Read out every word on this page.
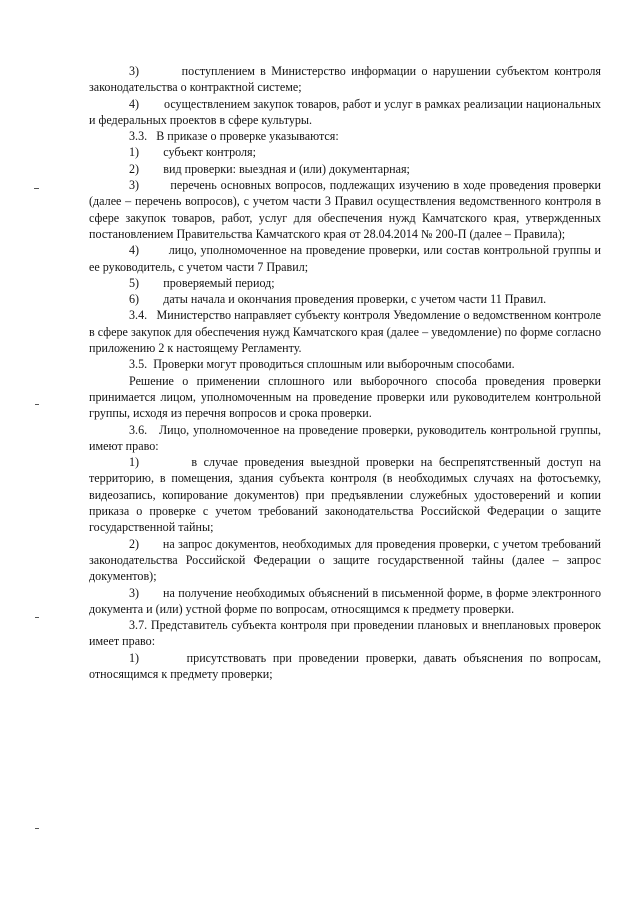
3)        поступлением в Министерство информации о нарушении субъектом контроля законодательства о контрактной системе;

4)        осуществлением закупок товаров, работ и услуг в рамках реализации национальных и федеральных проектов в сфере культуры.

3.3.   В приказе о проверке указываются:

1)        субъект контроля;

2)        вид проверки: выездная и (или) документарная;

3)        перечень основных вопросов, подлежащих изучению в ходе проведения проверки (далее – перечень вопросов), с учетом части 3 Правил осуществления ведомственного контроля в сфере закупок товаров, работ, услуг для обеспечения нужд Камчатского края, утвержденных постановлением Правительства Камчатского края от 28.04.2014 № 200-П (далее – Правила);

4)        лицо, уполномоченное на проведение проверки, или состав контрольной группы и ее руководитель, с учетом части 7 Правил;

5)        проверяемый период;

6)        даты начала и окончания проведения проверки, с учетом части 11 Правил.

3.4.   Министерство направляет субъекту контроля Уведомление о ведомственном контроле в сфере закупок для обеспечения нужд Камчатского края (далее – уведомление) по форме согласно приложению 2 к настоящему Регламенту.

3.5.  Проверки могут проводиться сплошным или выборочным способами.

Решение о применении сплошного или выборочного способа проведения проверки принимается лицом, уполномоченным на проведение проверки или руководителем контрольной группы, исходя из перечня вопросов и срока проверки.

3.6.   Лицо, уполномоченное на проведение проверки, руководитель контрольной группы, имеют право:

1)        в случае проведения выездной проверки на беспрепятственный доступ на территорию, в помещения, здания субъекта контроля (в необходимых случаях на фотосъемку, видеозапись, копирование документов) при предъявлении служебных удостоверений и копии приказа о проверке с учетом требований законодательства Российской Федерации о защите государственной тайны;

2)       на запрос документов, необходимых для проведения проверки, с учетом требований законодательства Российской Федерации о защите государственной тайны (далее – запрос документов);

3)       на получение необходимых объяснений в письменной форме, в форме электронного документа и (или) устной форме по вопросам, относящимся к предмету проверки.

3.7. Представитель субъекта контроля при проведении плановых и внеплановых проверок имеет право:

1)       присутствовать при проведении проверки, давать объяснения по вопросам, относящимся к предмету проверки;
